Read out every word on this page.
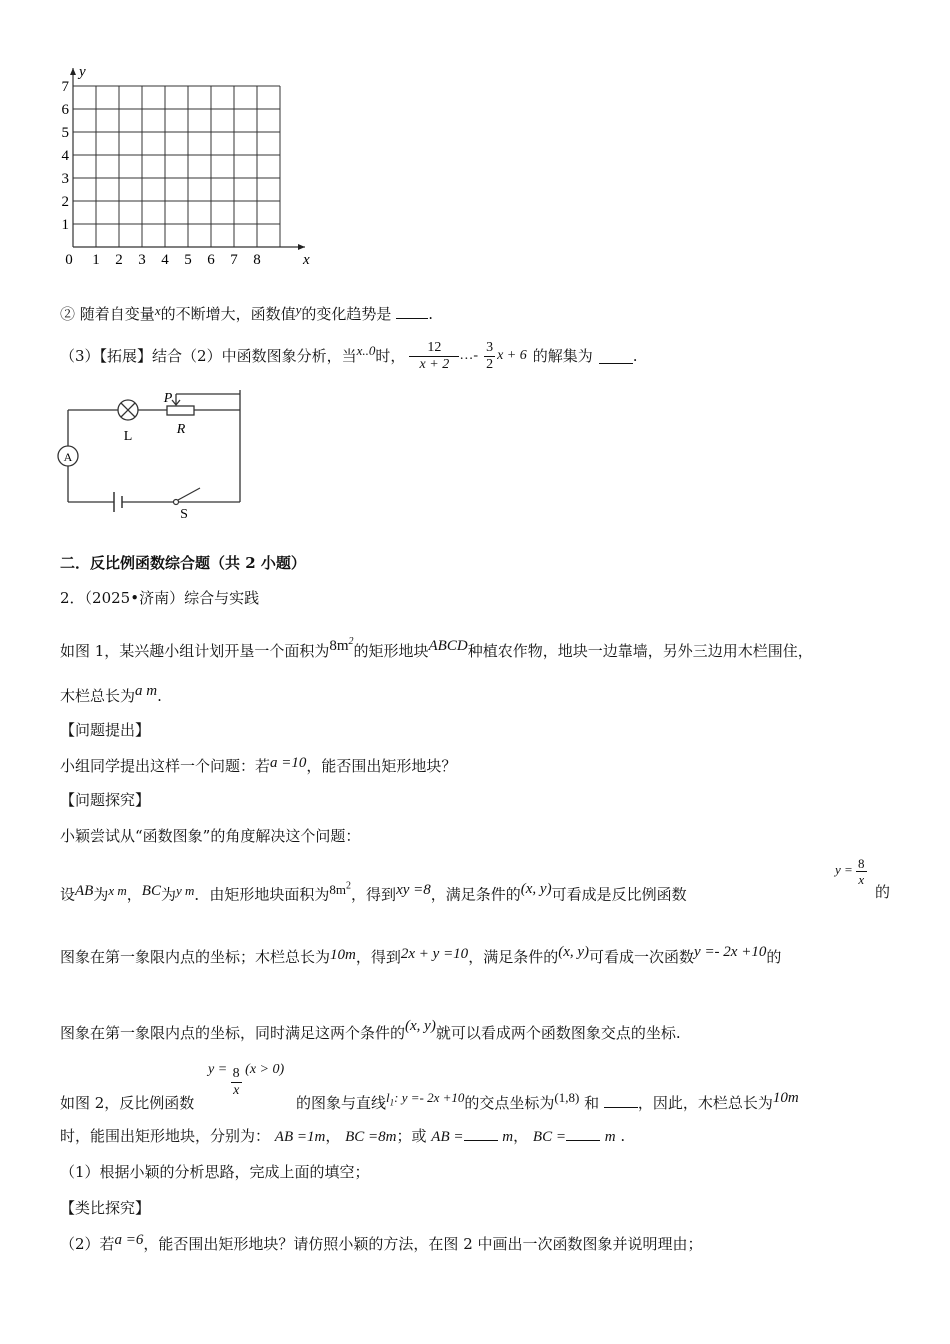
7
6
5
4
3
2
1
0 1 2 3 4 5 6 7 8
y
x
② 随着自变量x的不断增大，函数值y的变化趋势是 .
（3）【拓展】结合（2）中函数图象分析，当 x..0 时， $\frac{12}{x + 2}$ …- $\frac{3}{2}$ x + 6 的解集为	.
L
P
R
A
S
二．反比例函数综合题（共 2 小题）
2．（2025•济南）综合与实践
如图 1，某兴趣小组计划开垦一个面积为$8m^2$的矩形地块ABCD种植农作物，地块一边靠墙，另外三边用木栏围住，
木栏总长为a m.
【问题提出】
小组同学提出这样一个问题：若a =10，能否围出矩形地块？
【问题探究】
小颖尝试从“函数图象”的角度解决这个问题：
设AB为x m，BC为y m．由矩形地块面积为$8m^2$，得到xy =8，满足条件的(x, y)可看成是反比例函数
$y = \frac{8}{x}$
的
图象在第一象限内点的坐标；木栏总长为10m，得到2x + y =10，满足条件的(x, y)可看成一次函数y =- 2x +10的
图象在第一象限内点的坐标，同时满足这两个条件的(x, y)就可以看成两个函数图象交点的坐标.
如图 2，反比例函数
$y = \frac{8}{x} (x > 0)$
的图象与直线$l_1$: y =- 2x +10的交点坐标为(1,8) 和	，因此，木栏总长为10m
时，能围出矩形地块，分别为： AB =1m， BC =8m；或 AB =	m， BC =	m .
（1）根据小颖的分析思路，完成上面的填空；
【类比探究】
（2）若a =6，能否围出矩形地块？请仿照小颖的方法，在图 2 中画出一次函数图象并说明理由；
